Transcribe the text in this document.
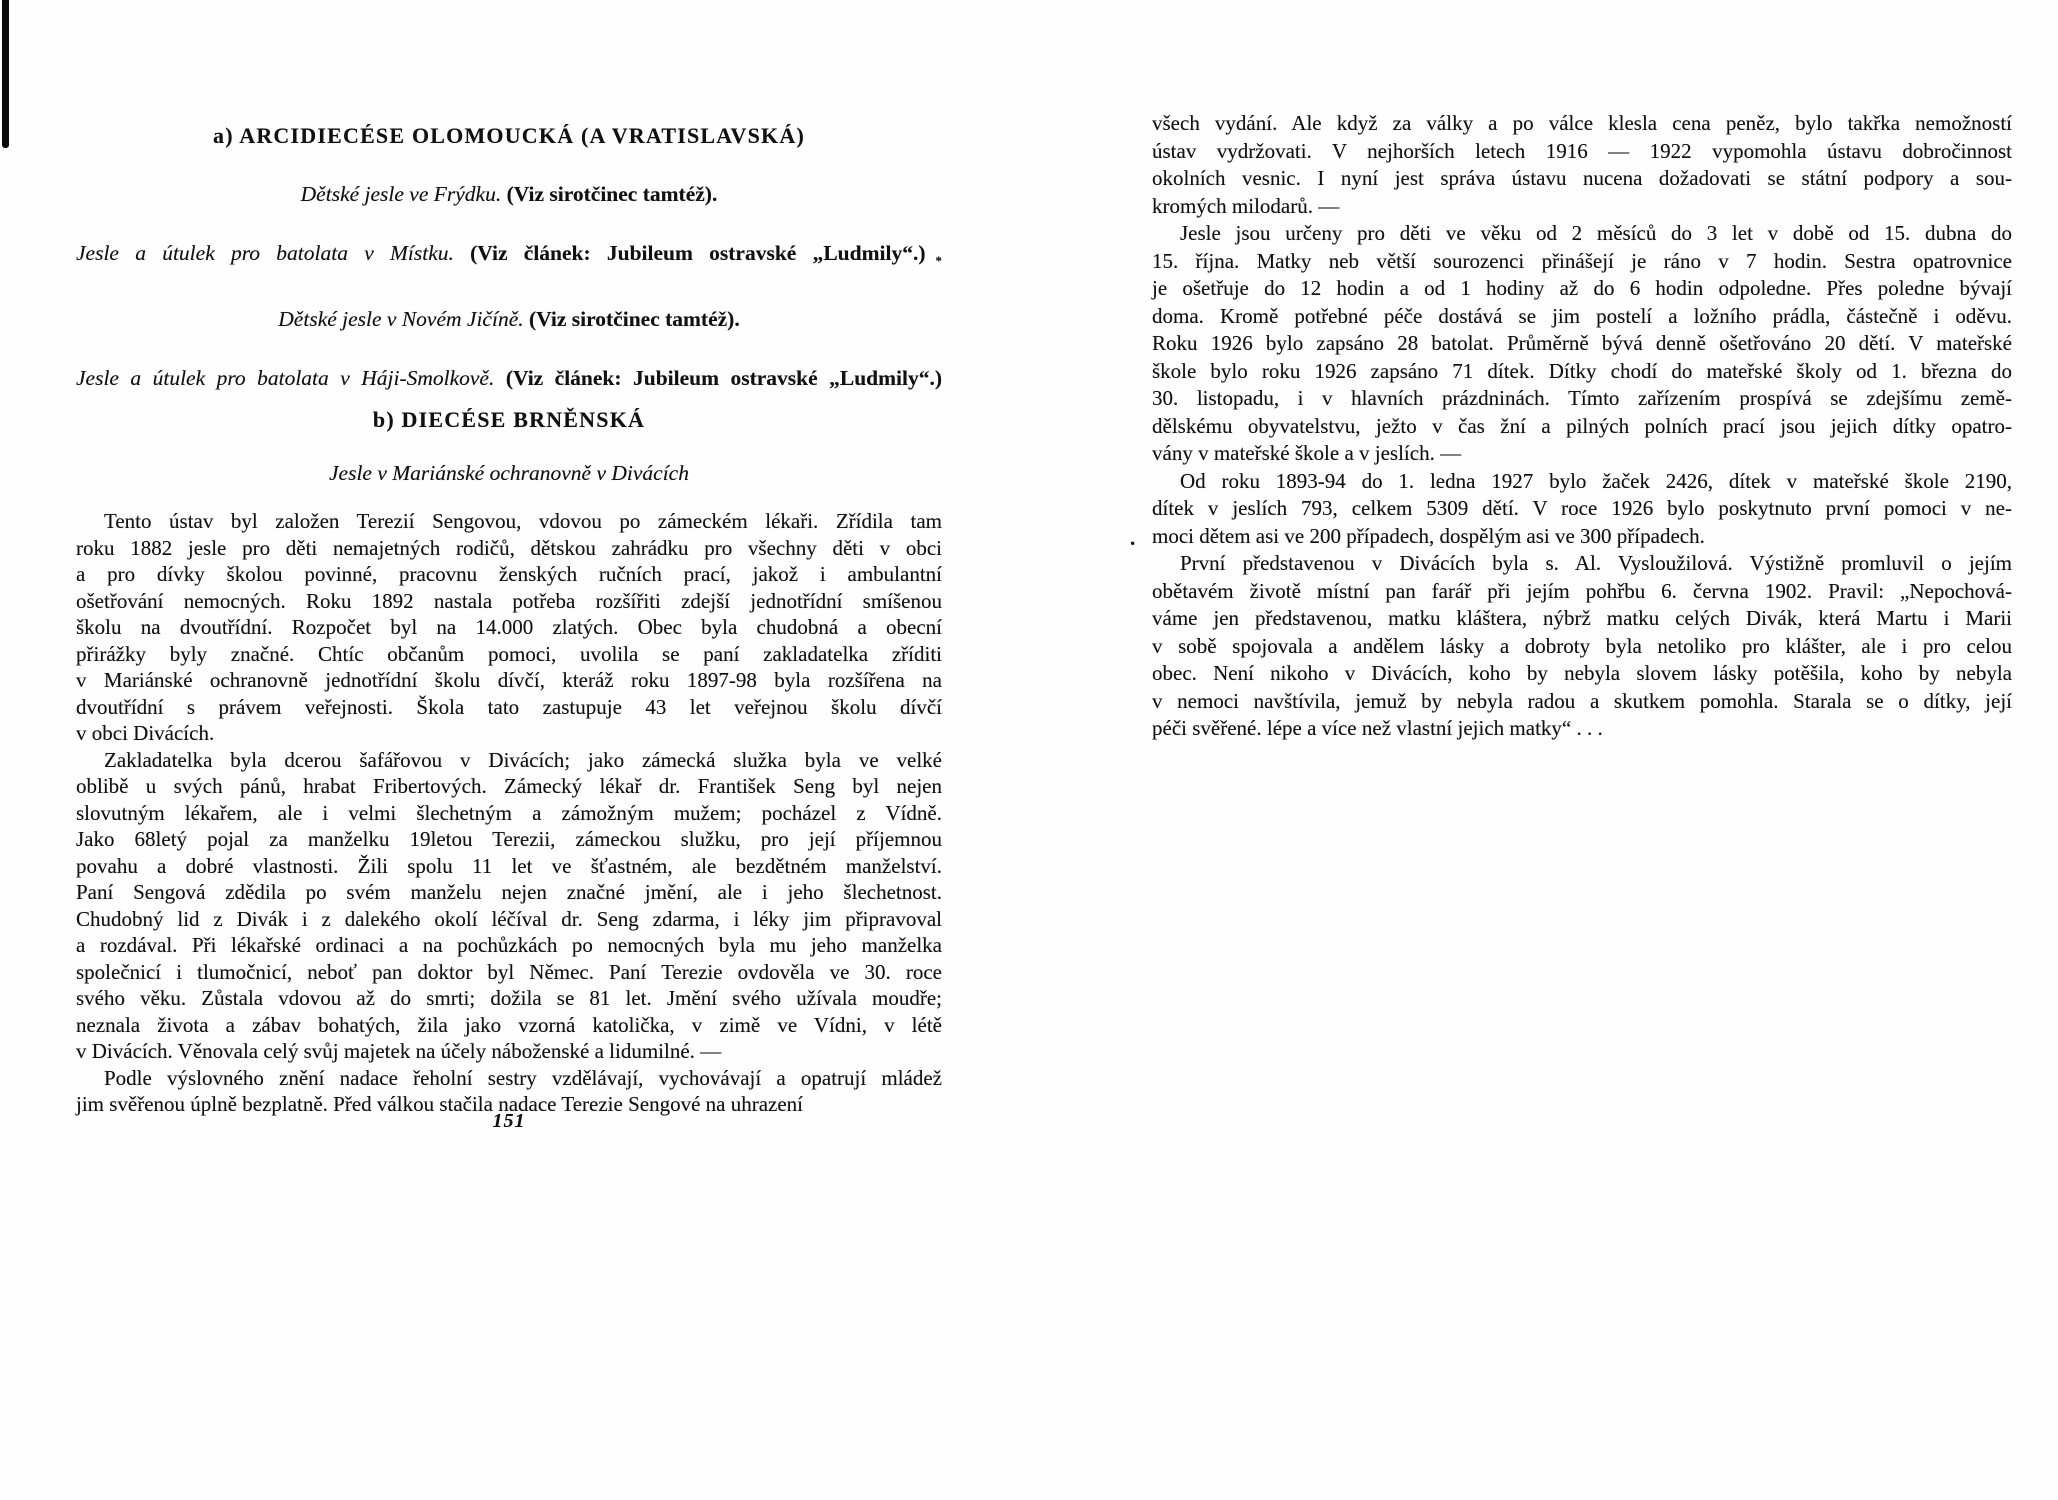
a) ARCIDIECÉSE OLOMOUCKÁ (A VRATISLAVSKÁ)
Dětské jesle ve Frýdku. (Viz sirotčinec tamtéž).
Jesle a útulek pro batolata v Místku. (Viz článek: Jubileum ostravské „Ludmily“.) $_*$
Dětské jesle v Novém Jičíně. (Viz sirotčinec tamtéž).
Jesle a útulek pro batolata v Háji-Smolkově. (Viz článek: Jubileum ostravské „Ludmily“.)
b) DIECÉSE BRNĚNSKÁ
Jesle v Mariánské ochranovně v Divácích
Tento ústav byl založen Terezií Sengovou, vdovou po zámeckém lékaři. Zřídila tam
roku 1882 jesle pro děti nemajetných rodičů, dětskou zahrádku pro všechny děti v obci
a pro dívky školou povinné, pracovnu ženských ručních prací, jakož i ambulantní
ošetřování nemocných. Roku 1892 nastala potřeba rozšířiti zdejší jednotřídní smíšenou
školu na dvoutřídní. Rozpočet byl na 14.000 zlatých. Obec byla chudobná a obecní
přirážky byly značné. Chtíc občanům pomoci, uvolila se paní zakladatelka zříditi
v Mariánské ochranovně jednotřídní školu dívčí, kteráž roku 1897-98 byla rozšířena na
dvoutřídní s právem veřejnosti. Škola tato zastupuje 43 let veřejnou školu dívčí
v obci Divácích.
Zakladatelka byla dcerou šafářovou v Divácích; jako zámecká služka byla ve velké
oblibě u svých pánů, hrabat Fribertových. Zámecký lékař dr. František Seng byl nejen
slovutným lékařem, ale i velmi šlechetným a zámožným mužem; pocházel z Vídně.
Jako 68letý pojal za manželku 19letou Terezii, zámeckou služku, pro její příjemnou
povahu a dobré vlastnosti. Žili spolu 11 let ve šťastném, ale bezdětném manželství.
Paní Sengová zdědila po svém manželu nejen značné jmění, ale i jeho šlechetnost.
Chudobný lid z Divák i z dalekého okolí léčíval dr. Seng zdarma, i léky jim připravoval
a rozdával. Při lékařské ordinaci a na pochůzkách po nemocných byla mu jeho manželka
společnicí i tlumočnicí, neboť pan doktor byl Němec. Paní Terezie ovdověla ve 30. roce
svého věku. Zůstala vdovou až do smrti; dožila se 81 let. Jmění svého užívala moudře;
neznala života a zábav bohatých, žila jako vzorná katolička, v zimě ve Vídni, v létě
v Divácích. Věnovala celý svůj majetek na účely náboženské a lidumilné. —
Podle výslovného znění nadace řeholní sestry vzdělávají, vychovávají a opatrují mládež
jim svěřenou úplně bezplatně. Před válkou stačila nadace Terezie Sengové na uhrazení
.
všech vydání. Ale když za války a po válce klesla cena peněz, bylo takřka nemožností
ústav vydržovati. V nejhorších letech 1916 — 1922 vypomohla ústavu dobročinnost
okolních vesnic. I nyní jest správa ústavu nucena dožadovati se státní podpory a sou-
kromých milodarů. —
Jesle jsou určeny pro děti ve věku od 2 měsíců do 3 let v době od 15. dubna do
15. října. Matky neb větší sourozenci přinášejí je ráno v 7 hodin. Sestra opatrovnice
je ošetřuje do 12 hodin a od 1 hodiny až do 6 hodin odpoledne. Přes poledne bývají
doma. Kromě potřebné péče dostává se jim postelí a ložního prádla, částečně i oděvu.
Roku 1926 bylo zapsáno 28 batolat. Průměrně bývá denně ošetřováno 20 dětí. V mateřské
škole bylo roku 1926 zapsáno 71 dítek. Dítky chodí do mateřské školy od 1. března do
30. listopadu, i v hlavních prázdninách. Tímto zařízením prospívá se zdejšímu země-
dělskému obyvatelstvu, ježto v čas žní a pilných polních prací jsou jejich dítky opatro-
vány v mateřské škole a v jeslích. —
Od roku 1893-94 do 1. ledna 1927 bylo žaček 2426, dítek v mateřské škole 2190,
dítek v jeslích 793, celkem 5309 dětí. V roce 1926 bylo poskytnuto první pomoci v ne-
moci dětem asi ve 200 případech, dospělým asi ve 300 případech.
První představenou v Divácích byla s. Al. Vysloužilová. Výstižně promluvil o jejím
obětavém životě místní pan farář při jejím pohřbu 6. června 1902. Pravil: „Nepochová-
váme jen představenou, matku kláštera, nýbrž matku celých Divák, která Martu i Marii
v sobě spojovala a andělem lásky a dobroty byla netoliko pro klášter, ale i pro celou
obec. Není nikoho v Divácích, koho by nebyla slovem lásky potěšila, koho by nebyla
v nemoci navštívila, jemuž by nebyla radou a skutkem pomohla. Starala se o dítky, její
péči svěřené. lépe a více než vlastní jejich matky“ . . .
151
